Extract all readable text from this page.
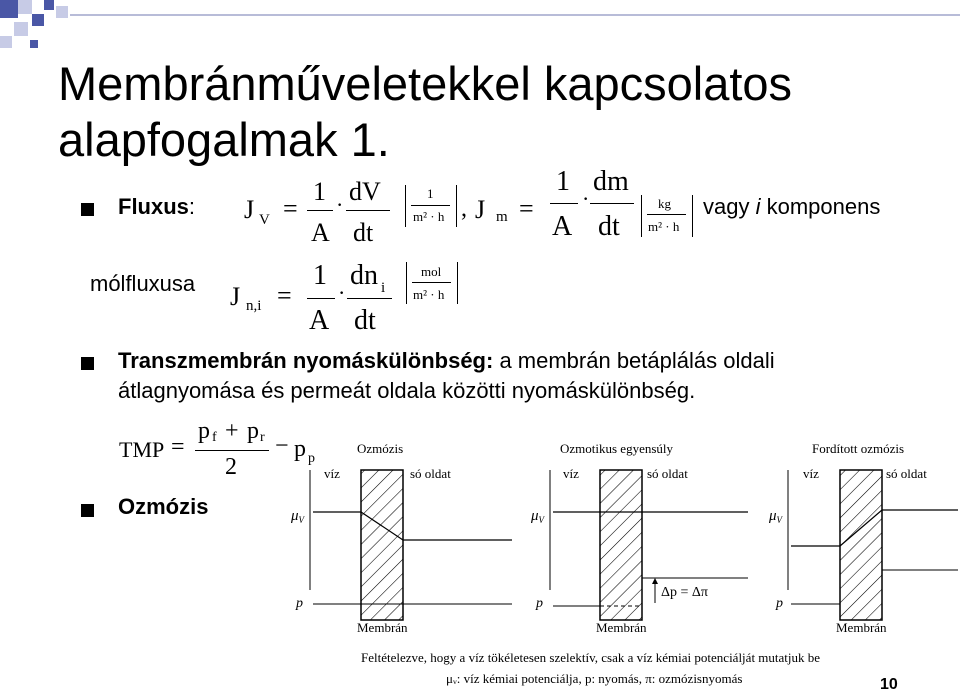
Membránműveletekkel kapcsolatos
alapfogalmak 1.
Fluxus: J V =
1
A
· dV
dt
1
m² · h , J m =
1
A
·
dm
dt
kg
m² · h
vagy i komponens
mólfluxusa J n,i =
1
A
·
dn i
dt
mol
m² · h
Transzmembrán nyomáskülönbség: a membrán betáplálás oldali
átlagnyomása és permeát oldala közötti nyomáskülönbség.
TMP =
p f + p r
2
− p p
Ozmózis
Ozmózis
víz	só oldat
$\mu_V$
p
Membrán
Ozmotikus egyensúly
víz	só oldat
$\mu_V$
Δp = Δπ
p
Membrán
Fordított ozmózis
víz	só oldat
$\mu_V$
p
Membrán
Feltételezve, hogy a víz tökéletesen szelektív, csak a víz kémiai potenciálját mutatjuk be
μᵥ: víz kémiai potenciálja, p: nyomás, π: ozmózisnyomás	10
